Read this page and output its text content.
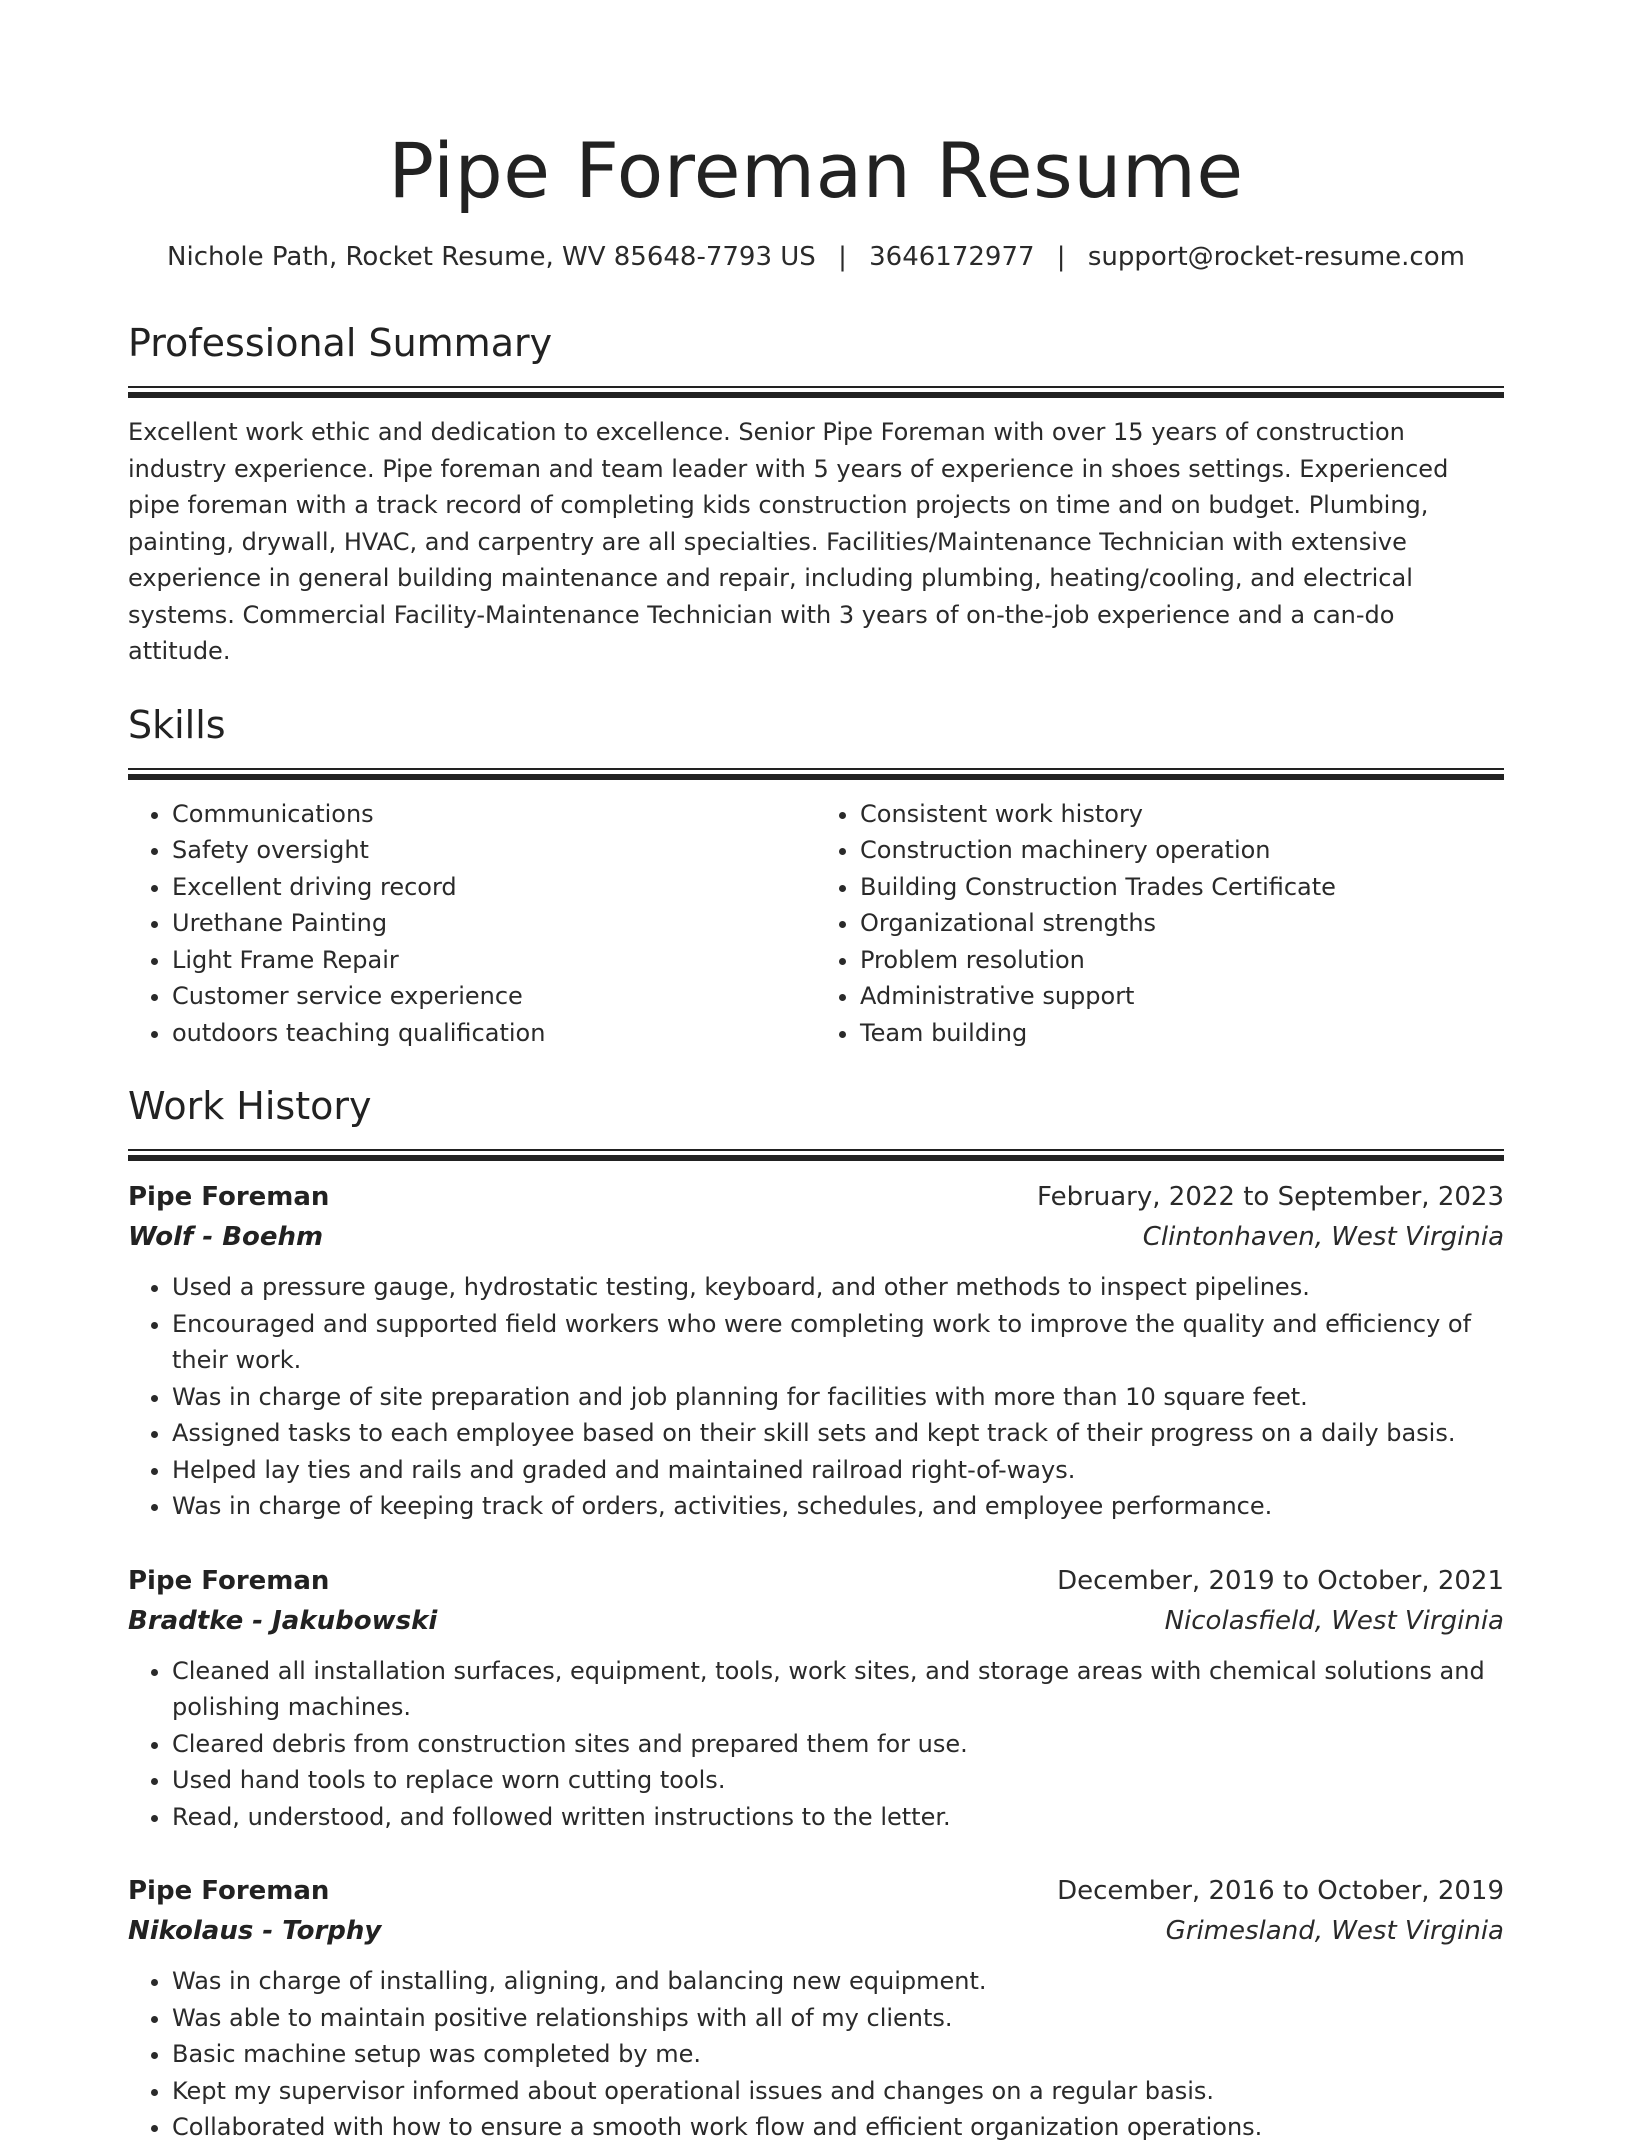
Pipe Foreman Resume
Nichole Path, Rocket Resume, WV 85648-7793 US | 3646172977 | support@rocket-resume.com
Professional Summary

Excellent work ethic and dedication to excellence. Senior Pipe Foreman with over 15 years of construction industry experience. Pipe foreman and team leader with 5 years of experience in shoes settings. Experienced pipe foreman with a track record of completing kids construction projects on time and on budget. Plumbing, painting, drywall, HVAC, and carpentry are all specialties. Facilities/Maintenance Technician with extensive experience in general building maintenance and repair, including plumbing, heating/cooling, and electrical systems. Commercial Facility-Maintenance Technician with 3 years of on-the-job experience and a can-do attitude.

Skills
• Communications
• Safety oversight
• Excellent driving record
• Urethane Painting
• Light Frame Repair
• Customer service experience
• outdoors teaching qualification
• Consistent work history
• Construction machinery operation
• Building Construction Trades Certificate
• Organizational strengths
• Problem resolution
• Administrative support
• Team building
Work History
Pipe Foreman	February, 2022 to September, 2023
Wolf - Boehm	Clintonhaven, West Virginia
• Used a pressure gauge, hydrostatic testing, keyboard, and other methods to inspect pipelines.
• Encouraged and supported field workers who were completing work to improve the quality and efficiency of their work.
• Was in charge of site preparation and job planning for facilities with more than 10 square feet.
• Assigned tasks to each employee based on their skill sets and kept track of their progress on a daily basis.
• Helped lay ties and rails and graded and maintained railroad right-of-ways.
• Was in charge of keeping track of orders, activities, schedules, and employee performance.
Pipe Foreman	December, 2019 to October, 2021
Bradtke - Jakubowski	Nicolasfield, West Virginia
• Cleaned all installation surfaces, equipment, tools, work sites, and storage areas with chemical solutions and polishing machines.
• Cleared debris from construction sites and prepared them for use.
• Used hand tools to replace worn cutting tools.
• Read, understood, and followed written instructions to the letter.
Pipe Foreman	December, 2016 to October, 2019
Nikolaus - Torphy	Grimesland, West Virginia
• Was in charge of installing, aligning, and balancing new equipment.
• Was able to maintain positive relationships with all of my clients.
• Basic machine setup was completed by me.
• Kept my supervisor informed about operational issues and changes on a regular basis.
• Collaborated with how to ensure a smooth work flow and efficient organization operations.
